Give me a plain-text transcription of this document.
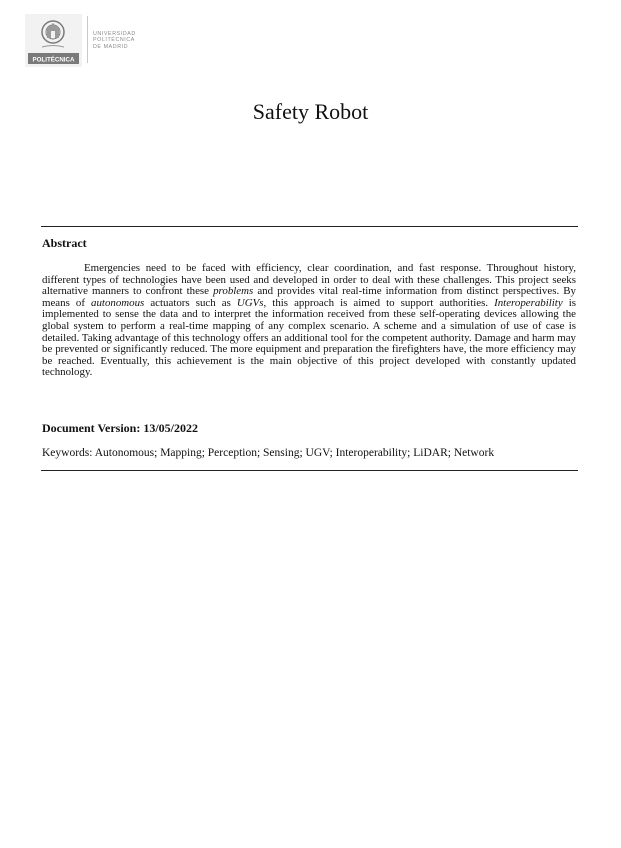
POLITÉCNICA
UNIVERSIDAD
POLITÉCNICA
DE MADRID
Safety Robot
Abstract

Emergencies need to be faced with efficiency, clear coordination, and fast response. Throughout history, different types of technologies have been used and developed in order to deal with these challenges. This project seeks alternative manners to confront these problems and provides vital real-time information from distinct perspectives. By means of autonomous actuators such as UGVs, this approach is aimed to support authorities. Interoperability is implemented to sense the data and to interpret the information received from these self-operating devices allowing the global system to perform a real-time mapping of any complex scenario. A scheme and a simulation of use of case is detailed. Taking advantage of this technology offers an additional tool for the competent authority. Damage and harm may be prevented or significantly reduced. The more equipment and preparation the firefighters have, the more efficiency may be reached. Eventually, this achievement is the main objective of this project developed with constantly updated technology.

Document Version: 13/05/2022
Keywords: Autonomous; Mapping; Perception; Sensing; UGV; Interoperability; LiDAR; Network
